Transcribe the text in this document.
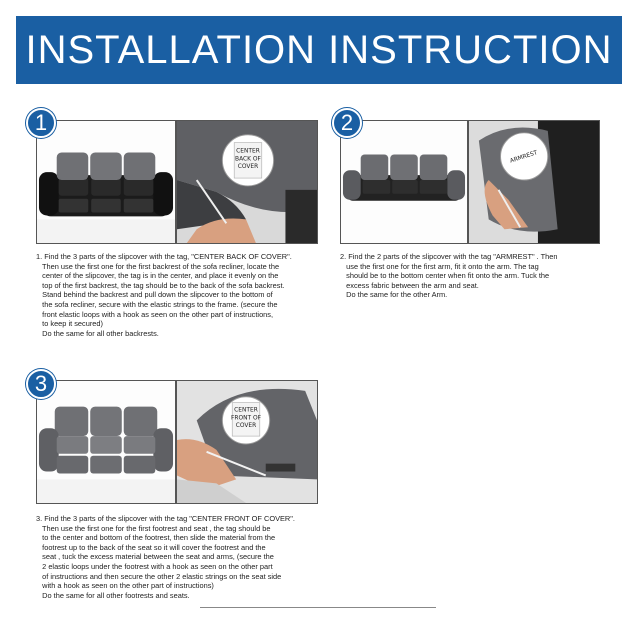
INSTALLATION INSTRUCTION
1
CENTER
BACK OF
COVER

1. Find the 3 parts of the slipcover with the tag, "CENTER BACK OF COVER".

Then use the first one for the first backrest of the sofa recliner, locate the

center of the slipcover, the tag is in the center, and place it evenly on the

top of the first backrest, the tag should be to the back of the sofa backrest.

Stand behind the backrest and pull down the slipcover to the bottom of

the sofa recliner, secure with the elastic strings to the frame. (secure the

front elastic loops with a hook as seen on the other part of instructions,

to keep it secured)

Do the same for all other backrests.

2
ARMREST

2. Find the 2 parts of the slipcover with the tag "ARMREST" . Then

use the first one for the first arm, fit it onto the arm. The tag

should be to the bottom center when fit onto the arm. Tuck the

excess fabric between the arm and seat.

Do the same for the other Arm.

3
CENTER
FRONT OF
COVER

3. Find the 3 parts of the slipcover with the tag "CENTER FRONT OF COVER".

Then use the first one for the first footrest and seat , the tag should be

to the center and bottom of the footrest, then slide the material from the

footrest up to the back of the seat so it will cover the footrest and the

seat , tuck the excess material between the seat and arms, (secure the

2 elastic loops under the footrest with a hook as seen on the other part

of instructions and then secure the other 2 elastic strings on the seat side

with a hook as seen on the other part of instructions)

Do the same for all other footrests and seats.
